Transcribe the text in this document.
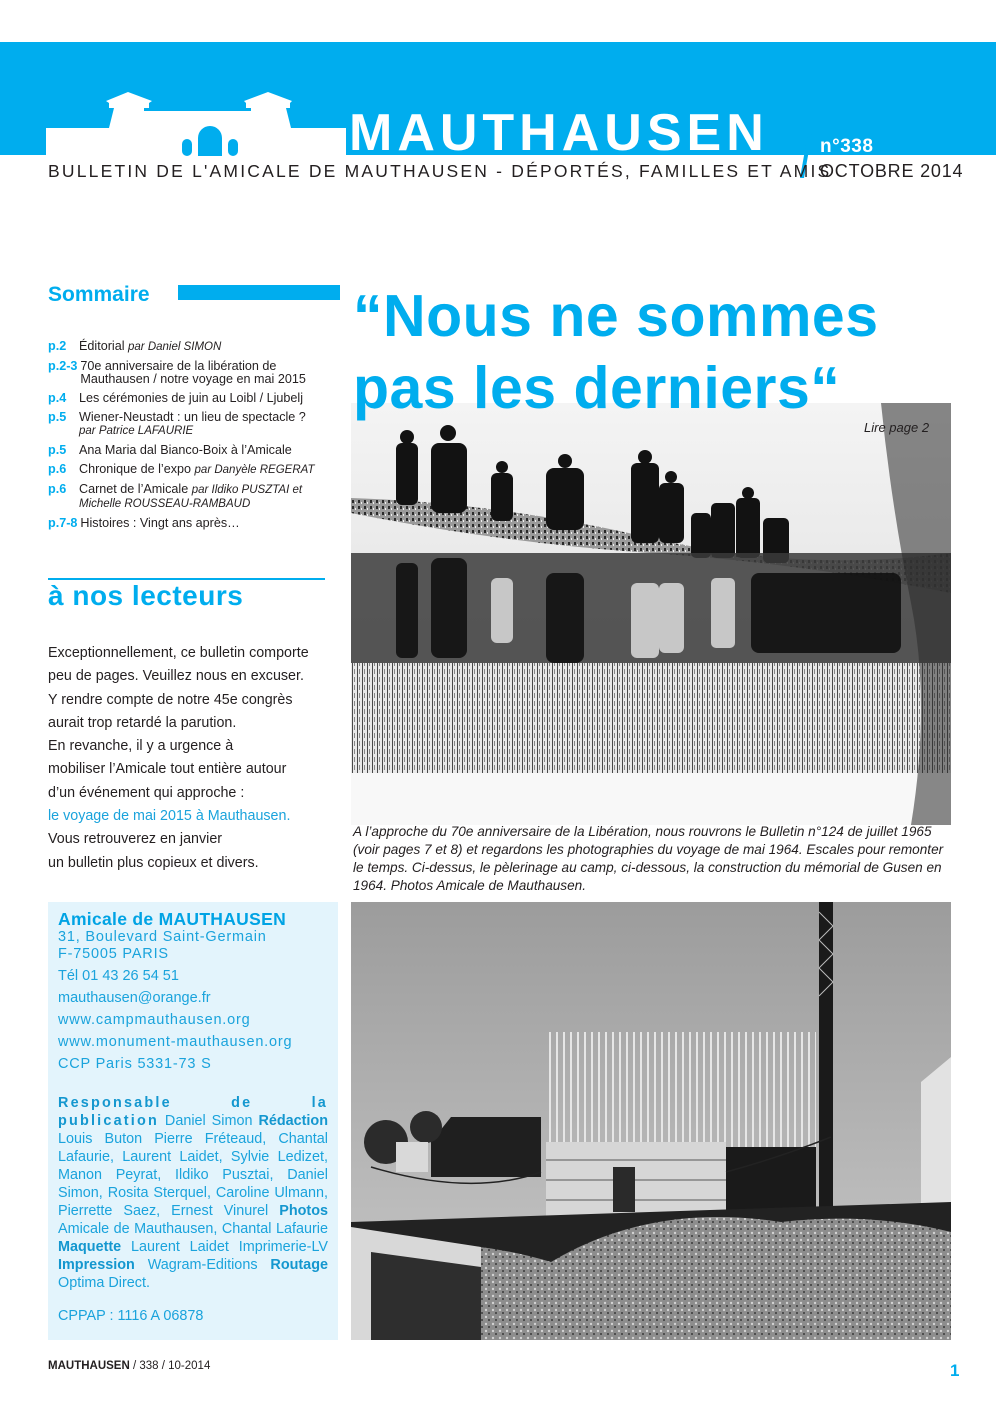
MAUTHAUSEN	n°338
OCTOBRE 2014
BULLETIN DE L'AMICALE DE MAUTHAUSEN - DÉPORTÉS, FAMILLES ET AMIS
Sommaire
p.2	Éditorial par Daniel SIMON
p.2-3 70e anniversaire de la libération de Mauthausen / notre voyage en mai 2015
p.4	Les cérémonies de juin au Loibl / Ljubelj
p.5	Wiener-Neustadt : un lieu de spectacle ?
par Patrice LAFAURIE
p.5	Ana Maria dal Bianco-Boix à l’Amicale
p.6	Chronique de l’expo par Danyèle REGERAT
p.6	Carnet de l’Amicale par Ildiko PUSZTAI et Michelle ROUSSEAU-RAMBAUD
p.7-8 Histoires : Vingt ans après…
à nos lecteurs
Exceptionnellement, ce bulletin comporte
peu de pages. Veuillez nous en excuser.
Y rendre compte de notre 45e congrès
aurait trop retardé la parution.
En revanche, il y a urgence à
mobiliser l’Amicale tout entière autour
d’un événement qui approche :
le voyage de mai 2015 à Mauthausen.
Vous retrouverez en janvier
un bulletin plus copieux et divers.
Amicale de MAUTHAUSEN
31, Boulevard Saint-Germain
F-75005 PARIS
Tél 01 43 26 54 51
mauthausen@orange.fr
www.campmauthausen.org
www.monument-mauthausen.org
CCP Paris 5331-73 S
Responsable de la publication Daniel Simon Rédaction Louis Buton Pierre Fréteaud, Chantal Lafaurie, Laurent Laidet, Sylvie Ledizet, Manon Peyrat, Ildiko Pusztai, Daniel Simon, Rosita Sterquel, Caroline Ulmann, Pierrette Saez, Ernest Vinurel Photos Amicale de Mauthausen, Chantal Lafaurie Maquette Laurent Laidet Imprimerie-LV Impression Wagram-Editions Routage Optima Direct.
CPPAP : 1116 A 06878
“Nous ne sommes
pas les derniers“
Lire page 2
A l’approche du 70e anniversaire de la Libération, nous rouvrons le Bulletin n°124 de juillet 1965 (voir pages 7 et 8) et regardons les photographies du voyage de mai 1964. Escales pour remonter le temps. Ci-dessus, le pèlerinage au camp, ci-dessous, la construction du mémorial de Gusen en 1964. Photos Amicale de Mauthausen.
MAUTHAUSEN / 338 / 10-2014	1
